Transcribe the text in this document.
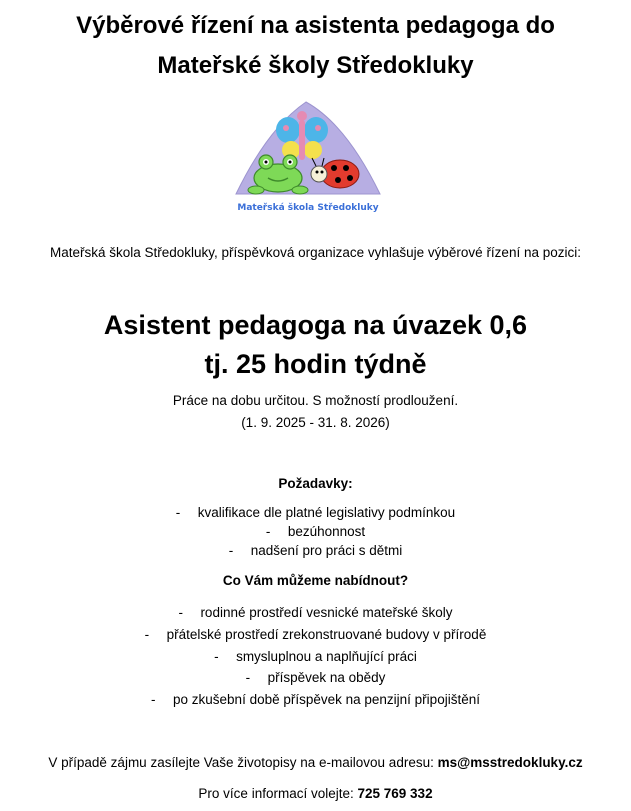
Výběrové řízení na asistenta pedagoga do
Mateřské školy Středokluky
Mateřská škola Středokluky
Mateřská škola Středokluky, příspěvková organizace vyhlašuje výběrové řízení na pozici:
Asistent pedagoga na úvazek 0,6
tj. 25 hodin týdně
Práce na dobu určitou. S možností prodloužení.
(1. 9. 2025 - 31. 8. 2026)
Požadavky:
- kvalifikace dle platné legislativy podmínkou
- bezúhonnost
- nadšení pro práci s dětmi
Co Vám můžeme nabídnout?
- rodinné prostředí vesnické mateřské školy
- přátelské prostředí zrekonstruované budovy v přírodě
- smysluplnou a naplňující práci
- příspěvek na obědy
- po zkušební době příspěvek na penzijní připojištění
V případě zájmu zasílejte Vaše životopisy na e-mailovou adresu: ms@msstredokluky.cz
Pro více informací volejte: 725 769 332
